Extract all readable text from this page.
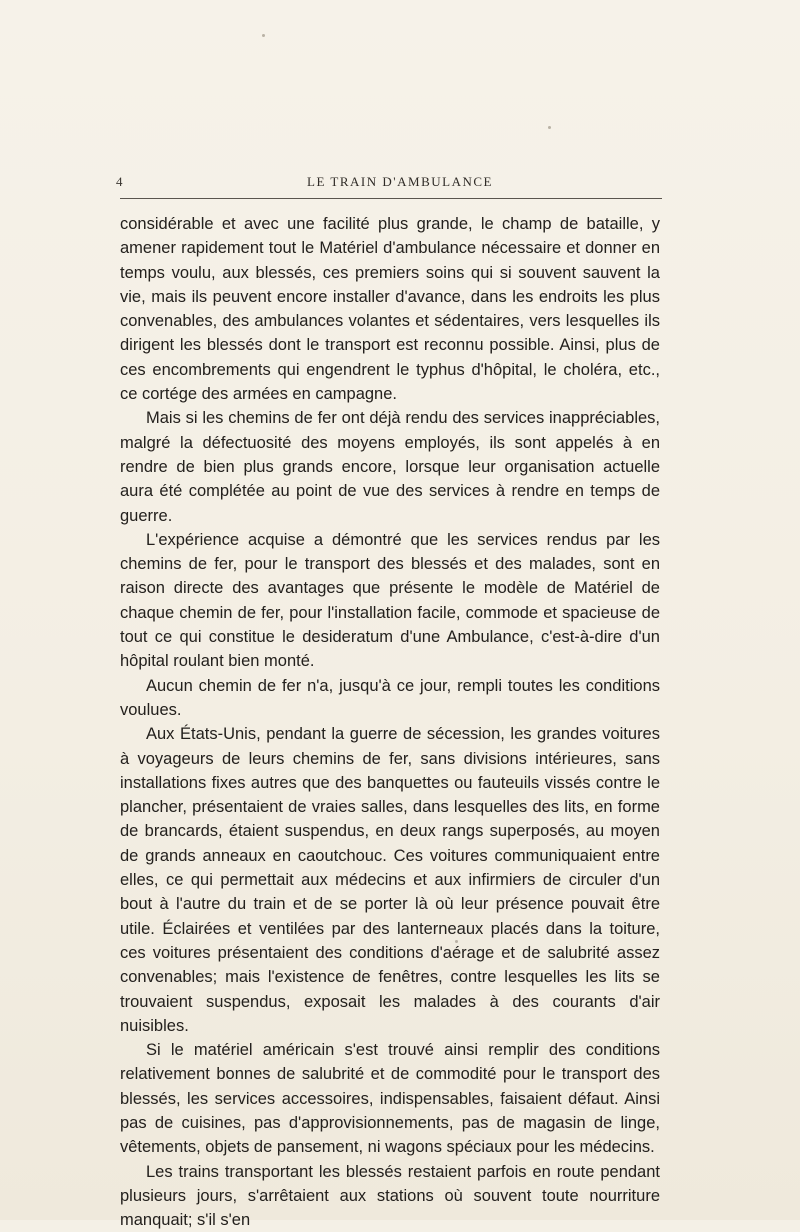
4	LE TRAIN D'AMBULANCE

considérable et avec une facilité plus grande, le champ de bataille, y amener rapidement tout le Matériel d'ambulance nécessaire et donner en temps voulu, aux blessés, ces premiers soins qui si souvent sauvent la vie, mais ils peuvent encore installer d'avance, dans les endroits les plus convenables, des ambulances volantes et sédentaires, vers lesquelles ils dirigent les blessés dont le transport est reconnu possible. Ainsi, plus de ces encombrements qui engendrent le typhus d'hôpital, le choléra, etc., ce cortége des armées en campagne.

Mais si les chemins de fer ont déjà rendu des services inappréciables, malgré la défectuosité des moyens employés, ils sont appelés à en rendre de bien plus grands encore, lorsque leur organisation actuelle aura été complétée au point de vue des services à rendre en temps de guerre.

L'expérience acquise a démontré que les services rendus par les chemins de fer, pour le transport des blessés et des malades, sont en raison directe des avantages que présente le modèle de Matériel de chaque chemin de fer, pour l'installation facile, commode et spacieuse de tout ce qui constitue le desideratum d'une Ambulance, c'est-à-dire d'un hôpital roulant bien monté.

Aucun chemin de fer n'a, jusqu'à ce jour, rempli toutes les conditions voulues.

Aux États-Unis, pendant la guerre de sécession, les grandes voitures à voyageurs de leurs chemins de fer, sans divisions intérieures, sans installations fixes autres que des banquettes ou fauteuils vissés contre le plancher, présentaient de vraies salles, dans lesquelles des lits, en forme de brancards, étaient suspendus, en deux rangs superposés, au moyen de grands anneaux en caoutchouc. Ces voitures communiquaient entre elles, ce qui permettait aux médecins et aux infirmiers de circuler d'un bout à l'autre du train et de se porter là où leur présence pouvait être utile. Éclairées et ventilées par des lanterneaux placés dans la toiture, ces voitures présentaient des conditions d'aérage et de salubrité assez convenables; mais l'existence de fenêtres, contre lesquelles les lits se trouvaient suspendus, exposait les malades à des courants d'air nuisibles.

Si le matériel américain s'est trouvé ainsi remplir des conditions relativement bonnes de salubrité et de commodité pour le transport des blessés, les services accessoires, indispensables, faisaient défaut. Ainsi pas de cuisines, pas d'approvisionnements, pas de magasin de linge, vêtements, objets de pansement, ni wagons spéciaux pour les médecins.

Les trains transportant les blessés restaient parfois en route pendant plusieurs jours, s'arrêtaient aux stations où souvent toute nourriture manquait; s'il s'en
